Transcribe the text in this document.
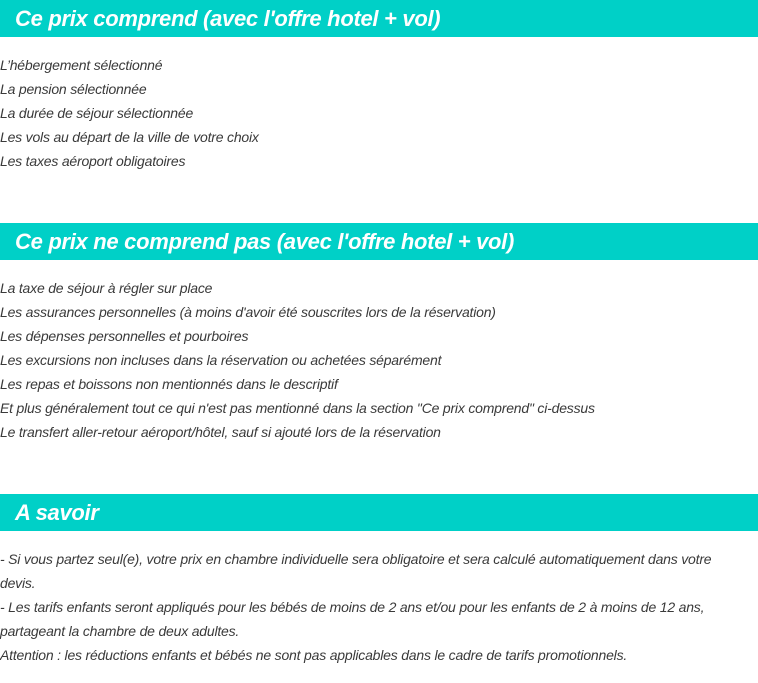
Ce prix comprend (avec l'offre hotel + vol)
L’hébergement sélectionné
La pension sélectionnée
La durée de séjour sélectionnée
Les vols au départ de la ville de votre choix
Les taxes aéroport obligatoires
Ce prix ne comprend pas (avec l'offre hotel + vol)
La taxe de séjour à régler sur place
Les assurances personnelles (à moins d'avoir été souscrites lors de la réservation)
Les dépenses personnelles et pourboires
Les excursions non incluses dans la réservation ou achetées séparément
Les repas et boissons non mentionnés dans le descriptif
Et plus généralement tout ce qui n'est pas mentionné dans la section "Ce prix comprend" ci-dessus
Le transfert aller-retour aéroport/hôtel, sauf si ajouté lors de la réservation
A savoir

- Si vous partez seul(e), votre prix en chambre individuelle sera obligatoire et sera calculé automatiquement dans votre devis.

- Les tarifs enfants seront appliqués pour les bébés de moins de 2 ans et/ou pour les enfants de 2 à moins de 12 ans, partageant la chambre de deux adultes.

Attention : les réductions enfants et bébés ne sont pas applicables dans le cadre de tarifs promotionnels.
